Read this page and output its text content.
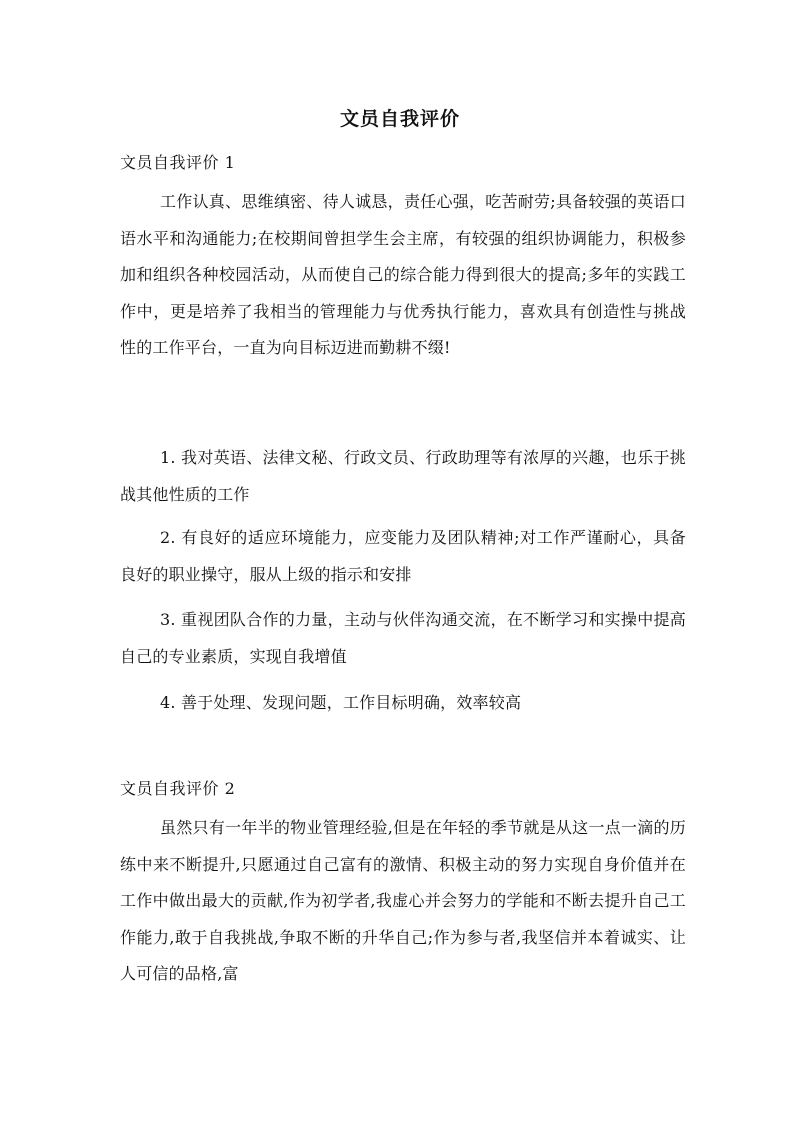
文员自我评价
文员自我评价 1

工作认真、思维缜密、待人诚恳，责任心强，吃苦耐劳;具备较强的英语口语水平和沟通能力;在校期间曾担学生会主席，有较强的组织协调能力，积极参加和组织各种校园活动，从而使自己的综合能力得到很大的提高;多年的实践工作中，更是培养了我相当的管理能力与优秀执行能力，喜欢具有创造性与挑战性的工作平台，一直为向目标迈进而勤耕不缀!

1. 我对英语、法律文秘、行政文员、行政助理等有浓厚的兴趣，也乐于挑战其他性质的工作

2. 有良好的适应环境能力，应变能力及团队精神;对工作严谨耐心，具备良好的职业操守，服从上级的指示和安排

3. 重视团队合作的力量，主动与伙伴沟通交流，在不断学习和实操中提高自己的专业素质，实现自我增值

4. 善于处理、发现问题，工作目标明确，效率较高

文员自我评价 2

虽然只有一年半的物业管理经验,但是在年轻的季节就是从这一点一滴的历练中来不断提升,只愿通过自己富有的激情、积极主动的努力实现自身价值并在工作中做出最大的贡献,作为初学者,我虚心并会努力的学能和不断去提升自己工作能力,敢于自我挑战,争取不断的升华自己;作为参与者,我坚信并本着诚实、让人可信的品格,富
